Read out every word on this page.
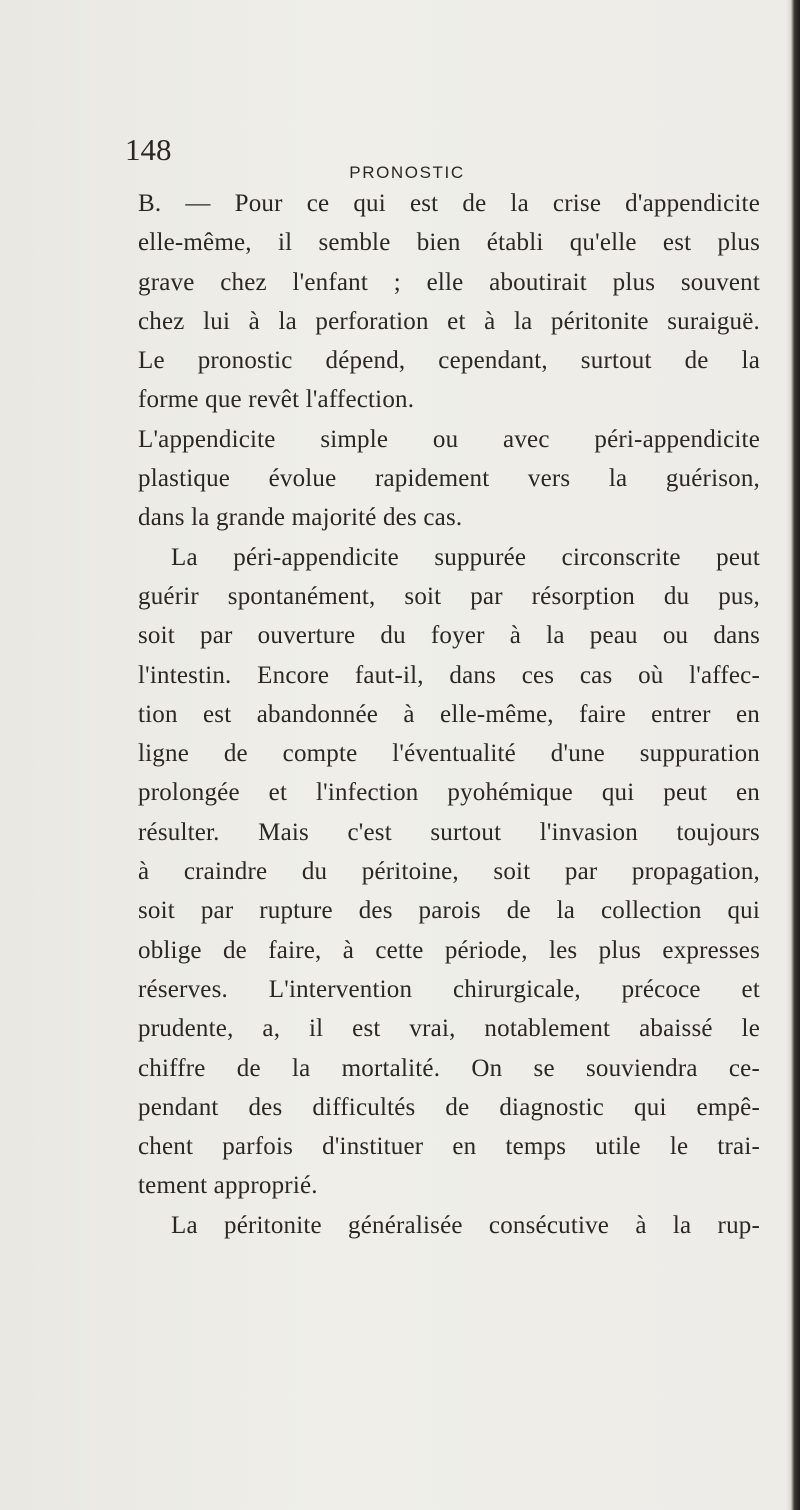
148
PRONOSTIC
B. — Pour ce qui est de la crise d'appendicite
elle-même, il semble bien établi qu'elle est plus
grave chez l'enfant ; elle aboutirait plus souvent
chez lui à la perforation et à la péritonite suraiguë.
Le pronostic dépend, cependant, surtout de la
forme que revêt l'affection.
L'appendicite simple ou avec péri-appendicite
plastique évolue rapidement vers la guérison,
dans la grande majorité des cas.
La péri-appendicite suppurée circonscrite peut
guérir spontanément, soit par résorption du pus,
soit par ouverture du foyer à la peau ou dans
l'intestin. Encore faut-il, dans ces cas où l'affec-
tion est abandonnée à elle-même, faire entrer en
ligne de compte l'éventualité d'une suppuration
prolongée et l'infection pyohémique qui peut en
résulter. Mais c'est surtout l'invasion toujours
à craindre du péritoine, soit par propagation,
soit par rupture des parois de la collection qui
oblige de faire, à cette période, les plus expresses
réserves. L'intervention chirurgicale, précoce et
prudente, a, il est vrai, notablement abaissé le
chiffre de la mortalité. On se souviendra ce-
pendant des difficultés de diagnostic qui empê-
chent parfois d'instituer en temps utile le trai-
tement approprié.
La péritonite généralisée consécutive à la rup-
